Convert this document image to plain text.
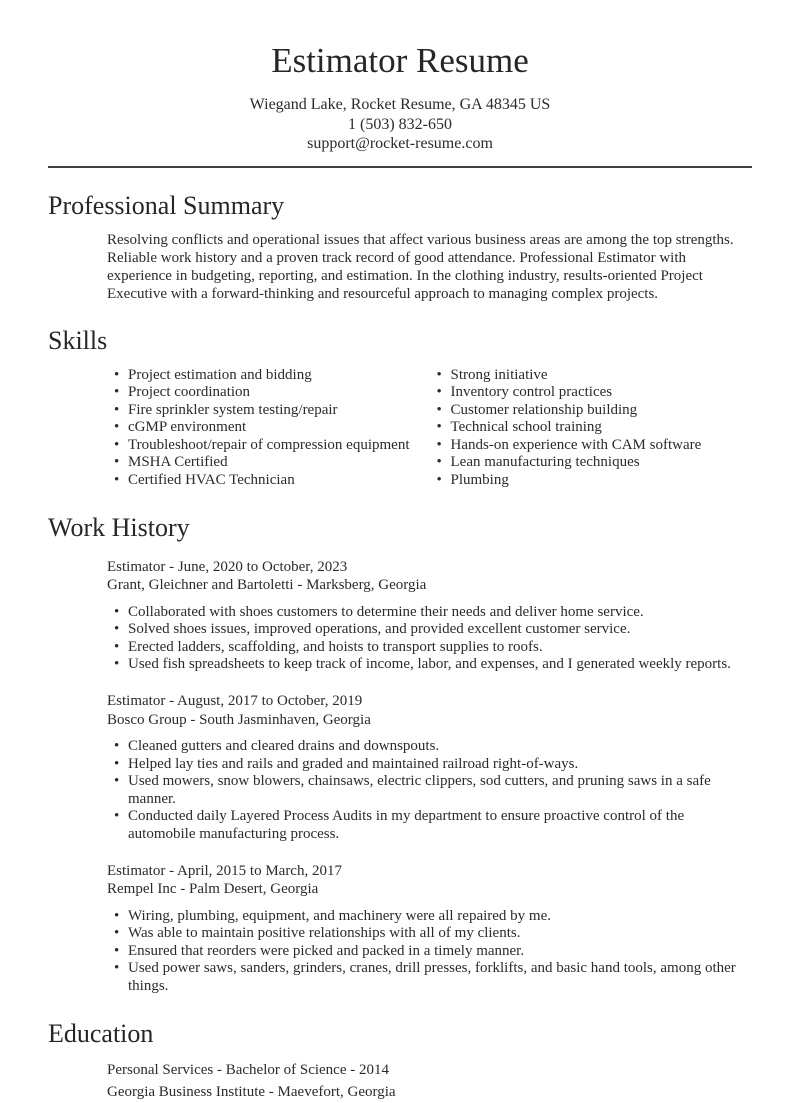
Estimator Resume
Wiegand Lake, Rocket Resume, GA 48345 US
1 (503) 832-650
support@rocket-resume.com
Professional Summary

Resolving conflicts and operational issues that affect various business areas are among the top strengths. Reliable work history and a proven track record of good attendance. Professional Estimator with experience in budgeting, reporting, and estimation. In the clothing industry, results-oriented Project Executive with a forward-thinking and resourceful approach to managing complex projects.

Skills
• Project estimation and bidding
• Project coordination
• Fire sprinkler system testing/repair
• cGMP environment
• Troubleshoot/repair of compression equipment
• MSHA Certified
• Certified HVAC Technician
• Strong initiative
• Inventory control practices
• Customer relationship building
• Technical school training
• Hands-on experience with CAM software
• Lean manufacturing techniques
• Plumbing
Work History
Estimator - June, 2020 to October, 2023
Grant, Gleichner and Bartoletti - Marksberg, Georgia
• Collaborated with shoes customers to determine their needs and deliver home service.
• Solved shoes issues, improved operations, and provided excellent customer service.
• Erected ladders, scaffolding, and hoists to transport supplies to roofs.
• Used fish spreadsheets to keep track of income, labor, and expenses, and I generated weekly reports.
Estimator - August, 2017 to October, 2019
Bosco Group - South Jasminhaven, Georgia
• Cleaned gutters and cleared drains and downspouts.
• Helped lay ties and rails and graded and maintained railroad right-of-ways.
• Used mowers, snow blowers, chainsaws, electric clippers, sod cutters, and pruning saws in a safe manner.
• Conducted daily Layered Process Audits in my department to ensure proactive control of the automobile manufacturing process.
Estimator - April, 2015 to March, 2017
Rempel Inc - Palm Desert, Georgia
• Wiring, plumbing, equipment, and machinery were all repaired by me.
• Was able to maintain positive relationships with all of my clients.
• Ensured that reorders were picked and packed in a timely manner.
• Used power saws, sanders, grinders, cranes, drill presses, forklifts, and basic hand tools, among other things.
Education
Personal Services - Bachelor of Science - 2014
Georgia Business Institute - Maevefort, Georgia
